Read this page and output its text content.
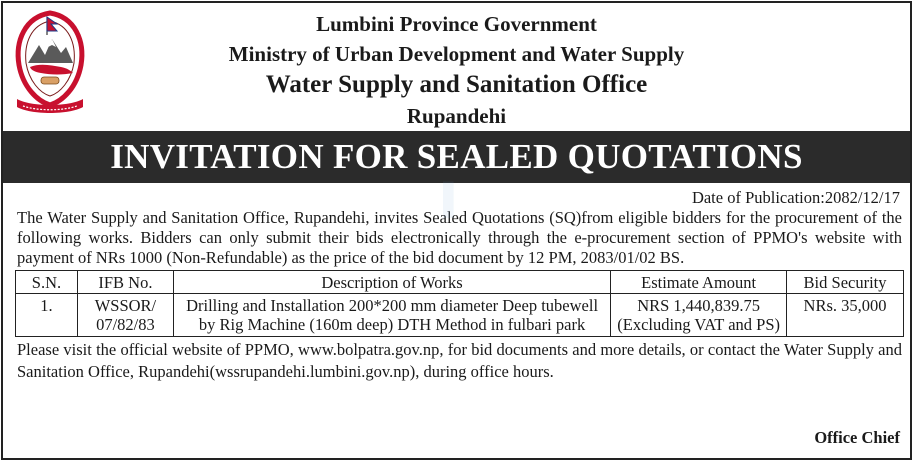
Lumbini Province Government
Ministry of Urban Development and Water Supply
Water Supply and Sanitation Office
Rupandehi
INVITATION FOR SEALED QUOTATIONS
▌	Date of Publication:2082/12/17
The Water Supply and Sanitation Office, Rupandehi, invites Sealed Quotations (SQ)from eligible bidders for the procurement of the following works. Bidders can only submit their bids electronically through the e-procurement section of PPMO's website with payment of NRs 1000 (Non-Refundable) as the price of the bid document by 12 PM, 2083/01/02 BS.
S.N.	IFB No.	Description of Works	Estimate Amount	Bid Security
1.	WSSOR/ 07/82/83	Drilling and Installation 200*200 mm diameter Deep tubewell by Rig Machine (160m deep) DTH Method in fulbari park	NRS 1,440,839.75 (Excluding VAT and PS)	NRs. 35,000
Please visit the official website of PPMO, www.bolpatra.gov.np, for bid documents and more details, or contact the Water Supply and Sanitation Office, Rupandehi(wssrupandehi.lumbini.gov.np), during office hours.
Office Chief
